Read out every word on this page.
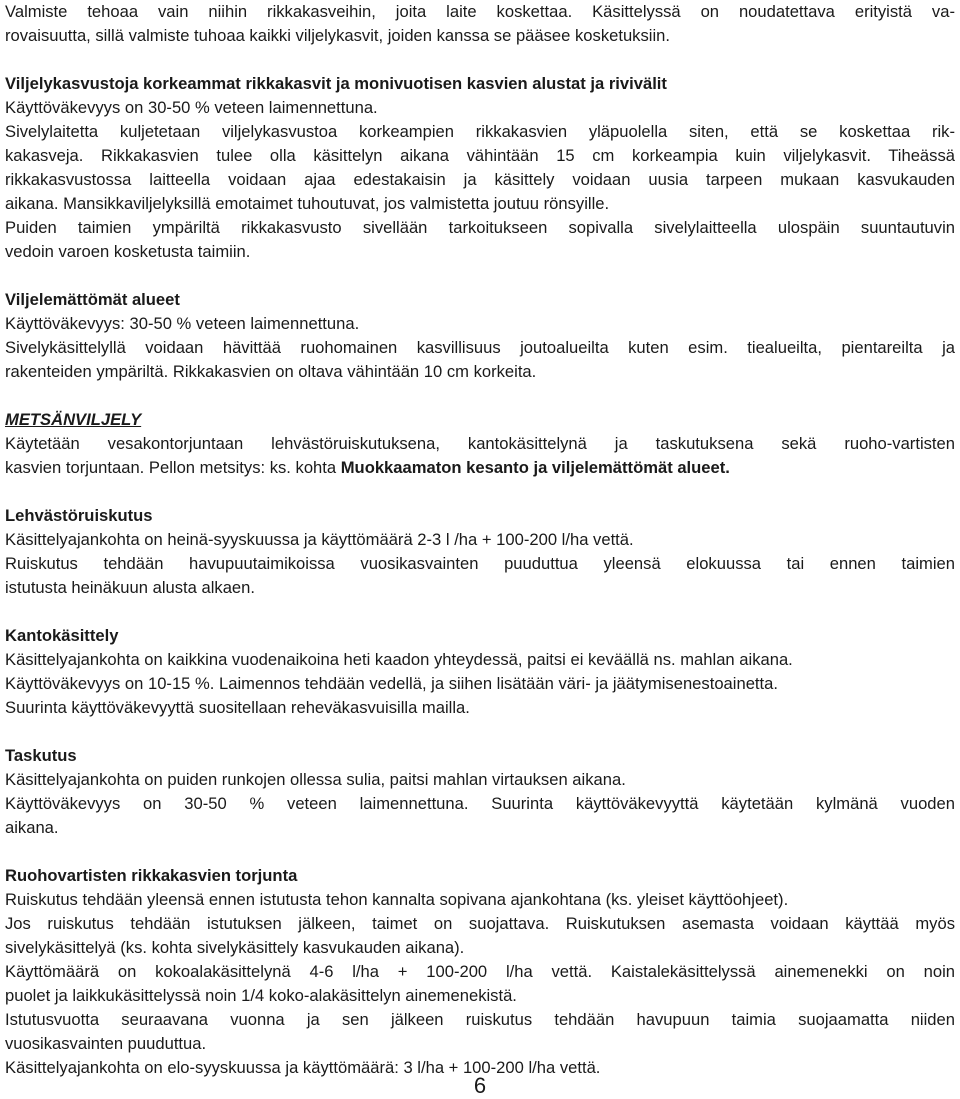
Valmiste tehoaa vain niihin rikkakasveihin, joita laite koskettaa. Käsittelyssä on noudatettava erityistä va-

rovaisuutta, sillä valmiste tuhoaa kaikki viljelykasvit, joiden kanssa se pääsee kosketuksiin.

Viljelykasvustoja korkeammat rikkakasvit ja monivuotisen kasvien alustat ja rivivälit

Käyttöväkevyys on 30-50 % veteen laimennettuna.

Sivelylaitetta kuljetetaan viljelykasvustoa korkeampien rikkakasvien yläpuolella siten, että se koskettaa rik-

kakasveja. Rikkakasvien tulee olla käsittelyn aikana vähintään 15 cm korkeampia kuin viljelykasvit. Tiheässä

rikkakasvustossa laitteella voidaan ajaa edestakaisin ja käsittely voidaan uusia tarpeen mukaan kasvukauden

aikana. Mansikkaviljelyksillä emotaimet tuhoutuvat, jos valmistetta joutuu rönsyille.

Puiden taimien ympäriltä rikkakasvusto sivellään tarkoitukseen sopivalla sivelylaitteella ulospäin suuntautuvin

vedoin varoen kosketusta taimiin.

Viljelemättömät alueet

Käyttöväkevyys: 30-50 % veteen laimennettuna.

Sivelykäsittelyllä voidaan hävittää ruohomainen kasvillisuus joutoalueilta kuten esim. tiealueilta, pientareilta ja

rakenteiden ympäriltä. Rikkakasvien on oltava vähintään 10 cm korkeita.

METSÄNVILJELY

Käytetään vesakontorjuntaan lehvästöruiskutuksena, kantokäsittelynä ja taskutuksena sekä ruoho-vartisten

kasvien torjuntaan. Pellon metsitys: ks. kohta Muokkaamaton kesanto ja viljelemättömät alueet.

Lehvästöruiskutus

Käsittelyajankohta on heinä-syyskuussa ja käyttömäärä 2-3 l /ha + 100-200 l/ha vettä.

Ruiskutus tehdään havupuutaimikoissa vuosikasvainten puuduttua yleensä elokuussa tai ennen taimien

istutusta heinäkuun alusta alkaen.

Kantokäsittely

Käsittelyajankohta on kaikkina vuodenaikoina heti kaadon yhteydessä, paitsi ei keväällä ns. mahlan aikana.

Käyttöväkevyys on 10-15 %. Laimennos tehdään vedellä, ja siihen lisätään väri- ja jäätymisenestoainetta.

Suurinta käyttöväkevyyttä suositellaan reheväkasvuisilla mailla.

Taskutus

Käsittelyajankohta on puiden runkojen ollessa sulia, paitsi mahlan virtauksen aikana.

Käyttöväkevyys on 30-50 % veteen laimennettuna. Suurinta käyttöväkevyyttä käytetään kylmänä vuoden

aikana.

Ruohovartisten rikkakasvien torjunta

Ruiskutus tehdään yleensä ennen istutusta tehon kannalta sopivana ajankohtana (ks. yleiset käyttöohjeet).

Jos ruiskutus tehdään istutuksen jälkeen, taimet on suojattava. Ruiskutuksen asemasta voidaan käyttää myös

sivelykäsittelyä (ks. kohta sivelykäsittely kasvukauden aikana).

Käyttömäärä on kokoalakäsittelynä 4-6 l/ha + 100-200 l/ha vettä. Kaistalekäsittelyssä ainemenekki on noin

puolet ja laikkukäsittelyssä noin 1/4 koko-alakäsittelyn ainemenekistä.

Istutusvuotta seuraavana vuonna ja sen jälkeen ruiskutus tehdään havupuun taimia suojaamatta niiden

vuosikasvainten puuduttua.

Käsittelyajankohta on elo-syyskuussa ja käyttömäärä: 3 l/ha + 100-200 l/ha vettä.

6
